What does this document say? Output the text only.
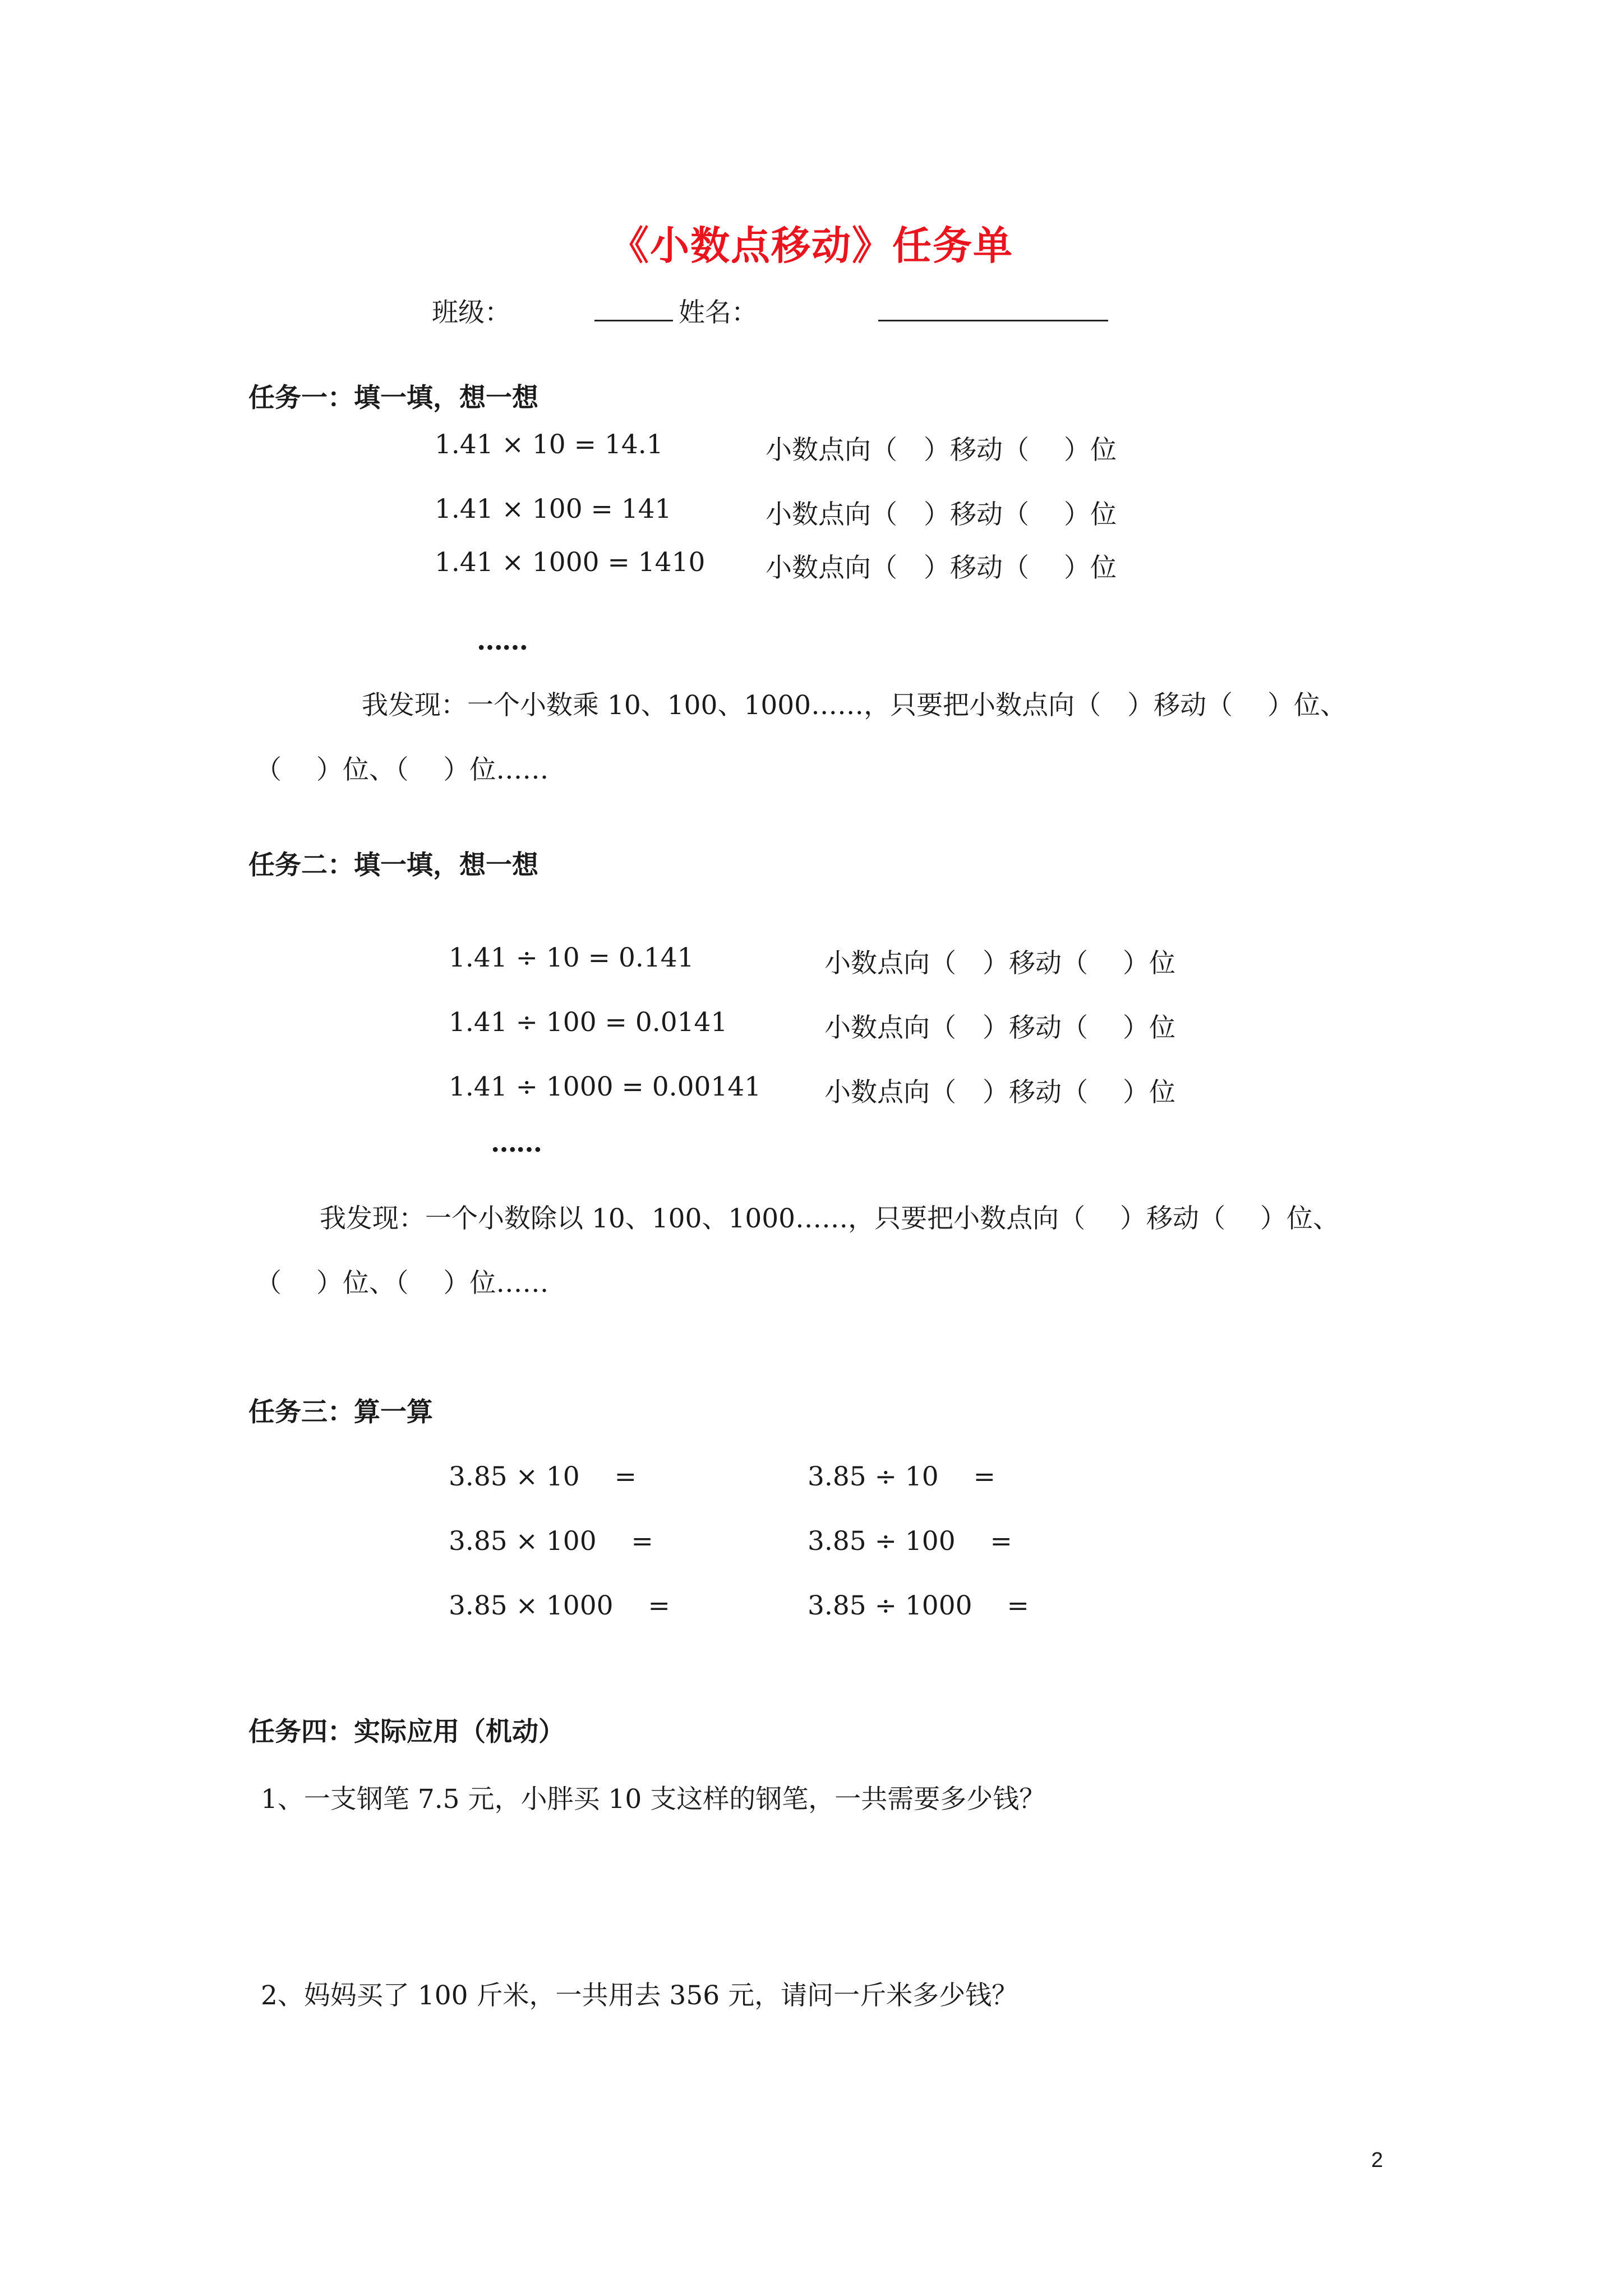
《小数点移动》任务单
班级：	姓名：
任务一：填一填，想一想
1.41 × 10 = 14.1	小数点向（　）移动（　 ）位
1.41 × 100 = 141	小数点向（　）移动（　 ）位
1.41 × 1000 = 1410 小数点向（　）移动（　 ）位
……
我发现：一个小数乘 10、100、1000……，只要把小数点向（　）移动（　 ）位、
（　 ）位、（　 ）位……
任务二：填一填，想一想
1.41 ÷ 10 = 0.141	小数点向（　）移动（　 ）位
1.41 ÷ 100 = 0.0141	小数点向（　）移动（　 ）位
1.41 ÷ 1000 = 0.00141 小数点向（　）移动（　 ）位
……
我发现：一个小数除以 10、100、1000……，只要把小数点向（　 ）移动（　 ）位、
（　 ）位、（　 ）位……
任务三：算一算
3.85 × 10 　=	3.85 ÷ 10 　=
3.85 × 100 　=	3.85 ÷ 100 　=
3.85 × 1000 　=	3.85 ÷ 1000 　=
任务四：实际应用（机动）
1、一支钢笔 7.5 元，小胖买 10 支这样的钢笔，一共需要多少钱？
2、妈妈买了 100 斤米，一共用去 356 元，请问一斤米多少钱？
2
